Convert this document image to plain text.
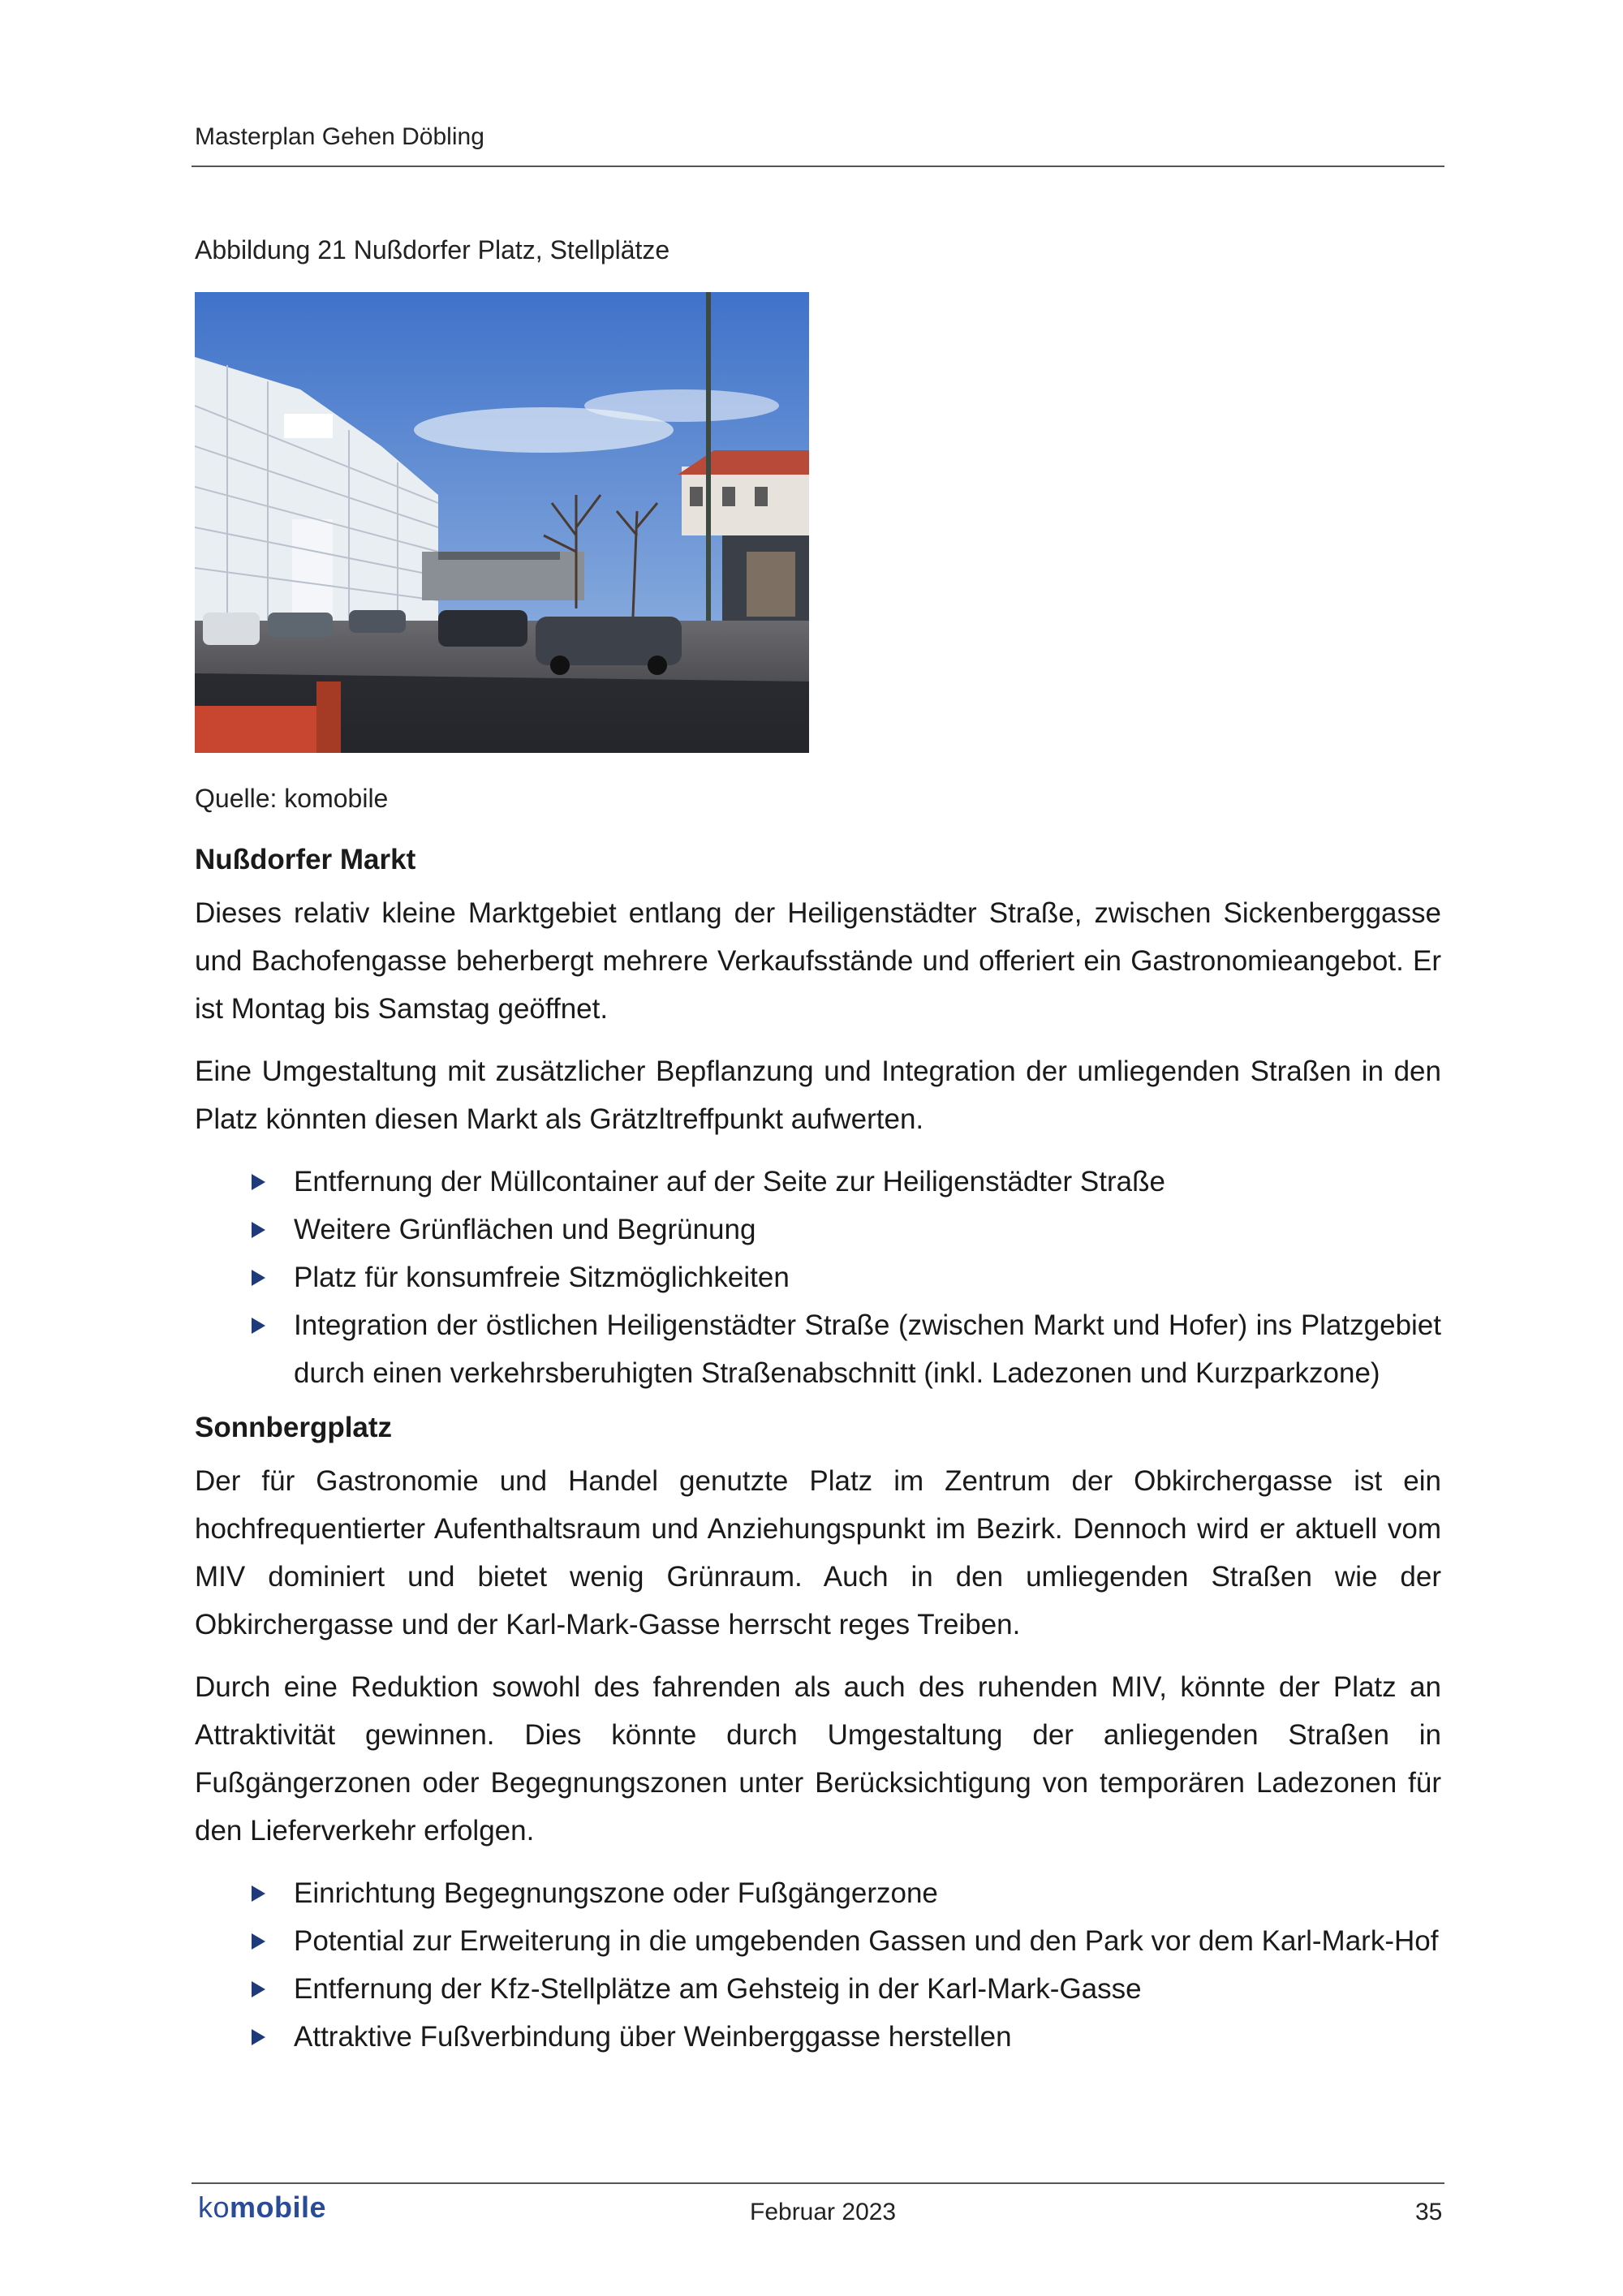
Masterplan Gehen Döbling
Abbildung 21 Nußdorfer Platz, Stellplätze
Quelle: komobile
Nußdorfer Markt
Dieses relativ kleine Marktgebiet entlang der Heiligenstädter Straße, zwischen Sickenberggasse und Bachofengasse beherbergt mehrere Verkaufsstände und offeriert ein Gastronomieangebot. Er ist Montag bis Samstag geöffnet.
Eine Umgestaltung mit zusätzlicher Bepflanzung und Integration der umliegenden Straßen in den Platz könnten diesen Markt als Grätzltreffpunkt aufwerten.
Entfernung der Müllcontainer auf der Seite zur Heiligenstädter Straße
Weitere Grünflächen und Begrünung
Platz für konsumfreie Sitzmöglichkeiten
Integration der östlichen Heiligenstädter Straße (zwischen Markt und Hofer) ins Platzgebiet durch einen verkehrsberuhigten Straßenabschnitt (inkl. Ladezonen und Kurzparkzone)
Sonnbergplatz
Der für Gastronomie und Handel genutzte Platz im Zentrum der Obkirchergasse ist ein hochfrequentierter Aufenthaltsraum und Anziehungspunkt im Bezirk. Dennoch wird er aktuell vom MIV dominiert und bietet wenig Grünraum. Auch in den umliegenden Straßen wie der Obkirchergasse und der Karl-Mark-Gasse herrscht reges Treiben.
Durch eine Reduktion sowohl des fahrenden als auch des ruhenden MIV, könnte der Platz an Attraktivität gewinnen. Dies könnte durch Umgestaltung der anliegenden Straßen in Fußgängerzonen oder Begegnungszonen unter Berücksichtigung von temporären Ladezonen für den Lieferverkehr erfolgen.
Einrichtung Begegnungszone oder Fußgängerzone
Potential zur Erweiterung in die umgebenden Gassen und den Park vor dem Karl-Mark-Hof
Entfernung der Kfz-Stellplätze am Gehsteig in der Karl-Mark-Gasse
Attraktive Fußverbindung über Weinberggasse herstellen
komobile	Februar 2023	35
